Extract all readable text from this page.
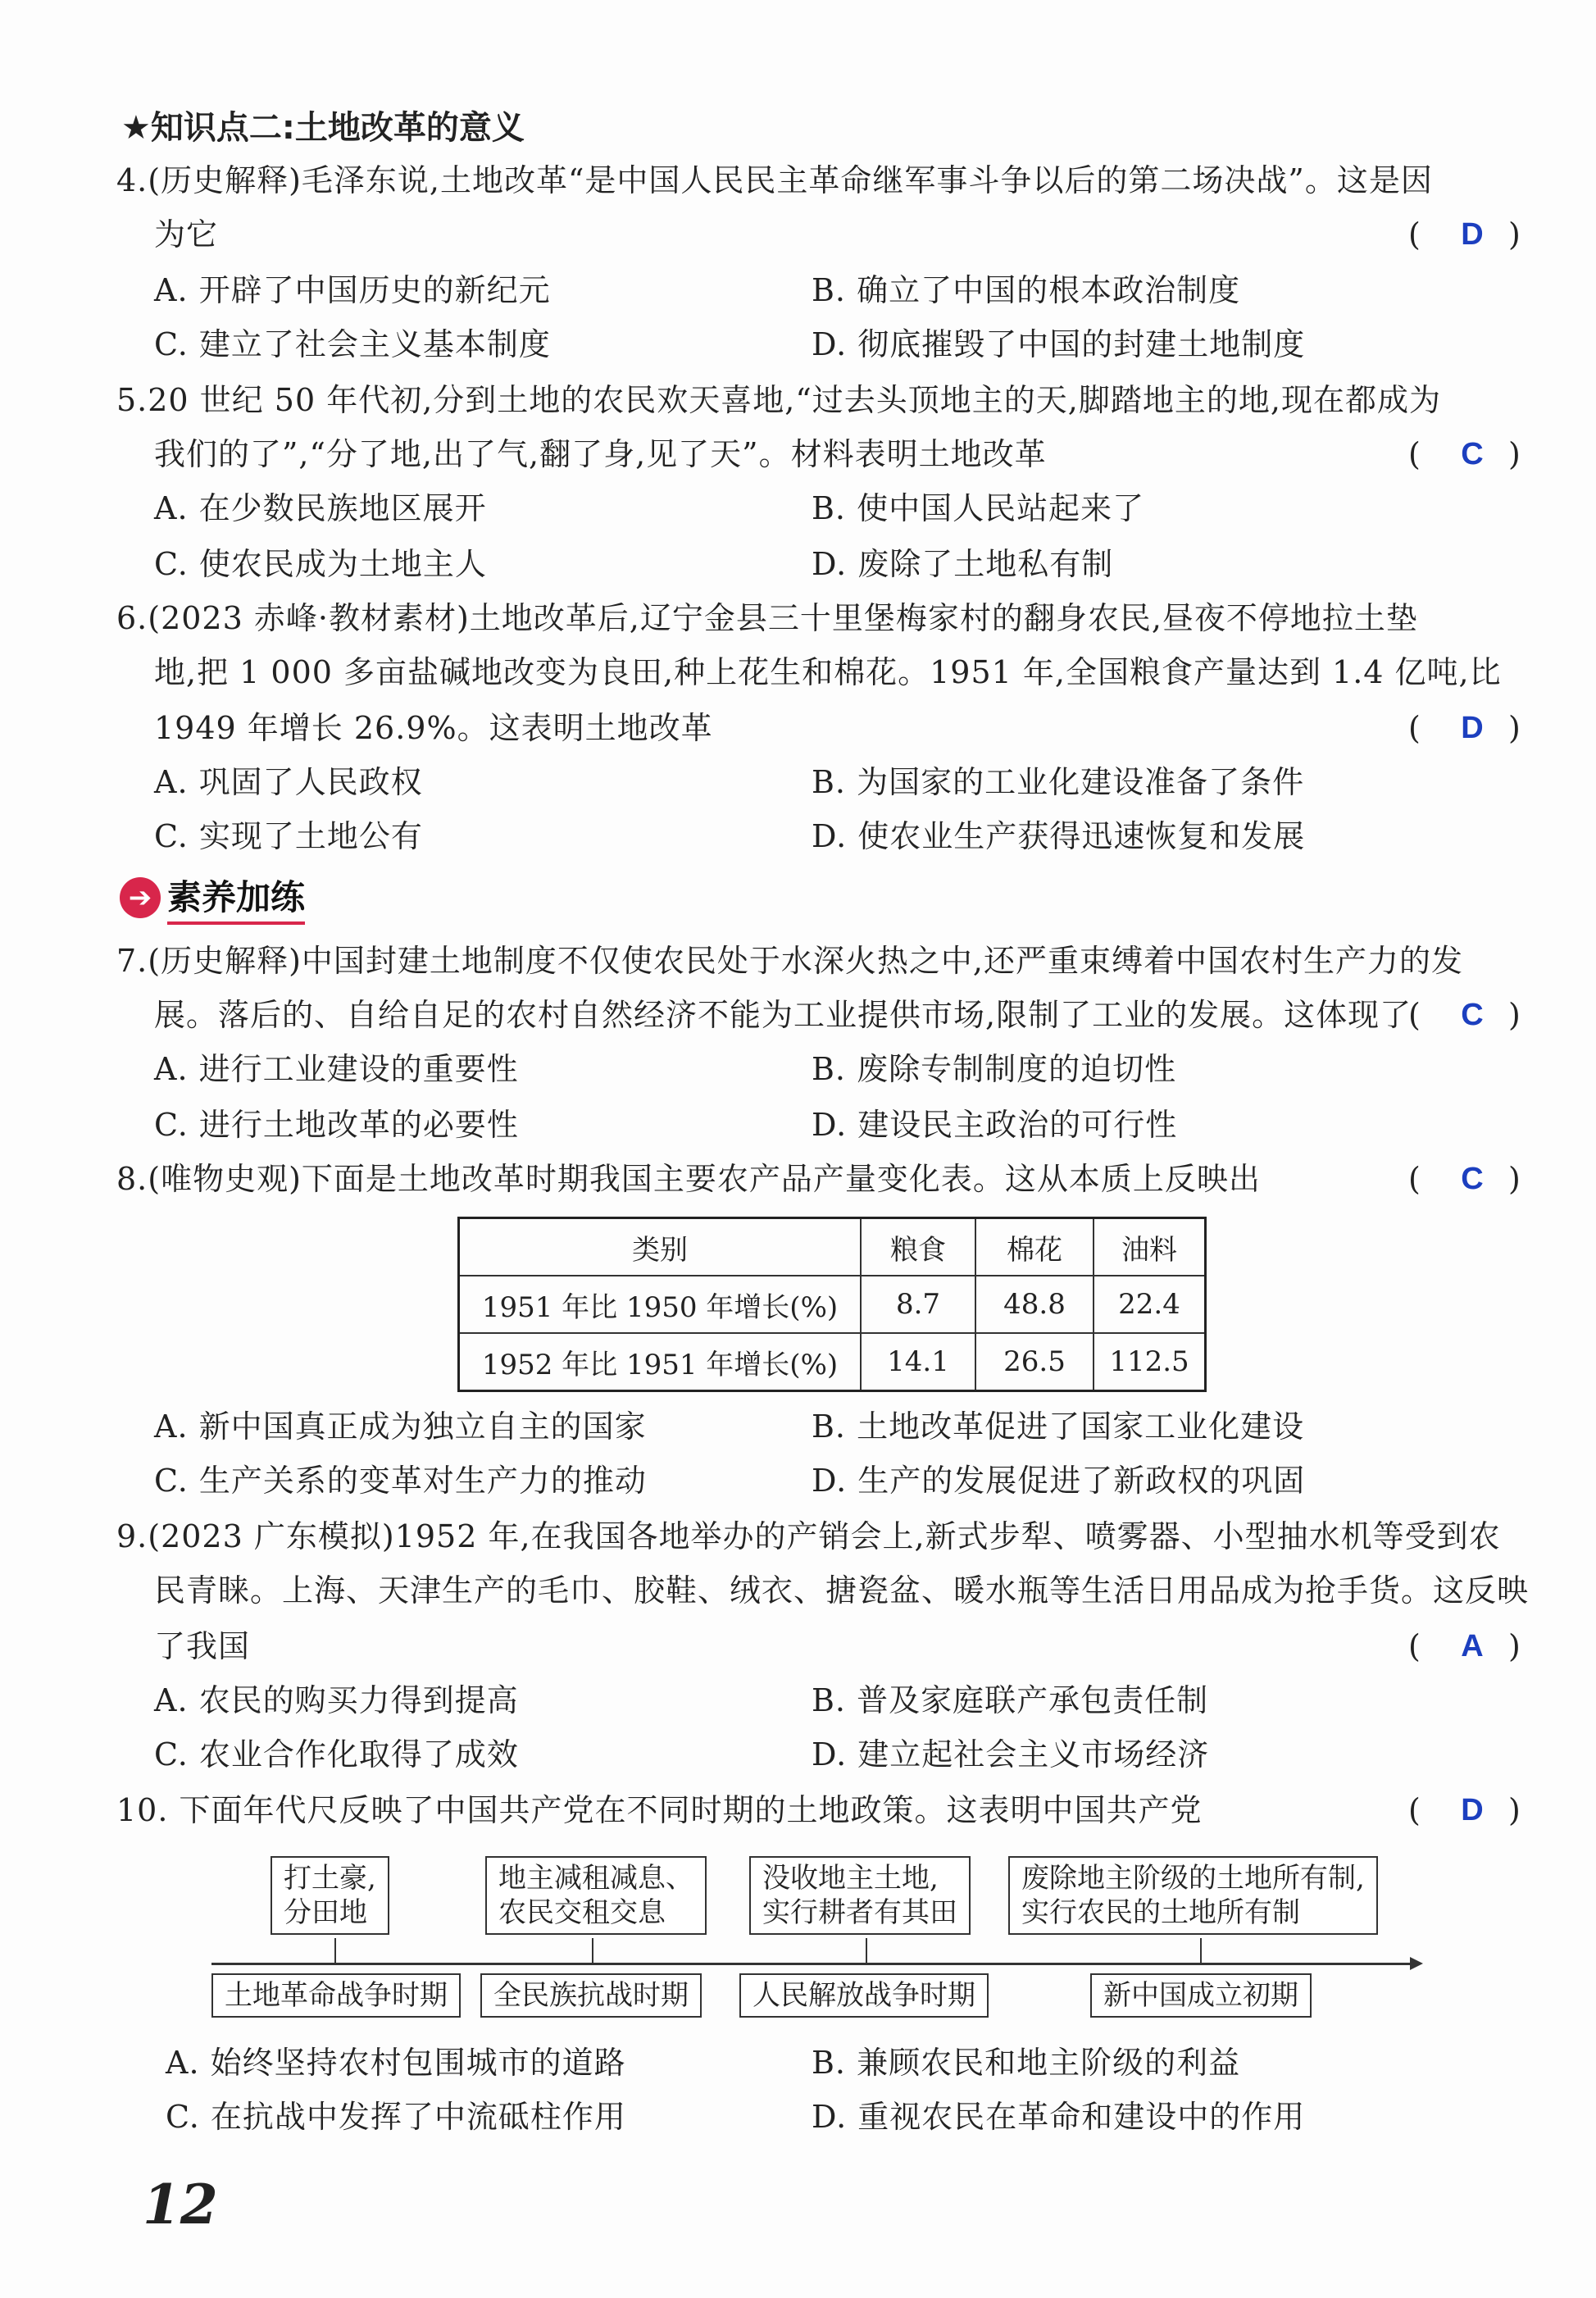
★知识点二:土地改革的意义
4.(历史解释)毛泽东说,土地改革“是中国人民民主革命继军事斗争以后的第二场决战”。这是因
为它	(	D )
A. 开辟了中国历史的新纪元	B. 确立了中国的根本政治制度
C. 建立了社会主义基本制度	D. 彻底摧毁了中国的封建土地制度
5.20 世纪 50 年代初,分到土地的农民欢天喜地,“过去头顶地主的天,脚踏地主的地,现在都成为
我们的了”,“分了地,出了气,翻了身,见了天”。材料表明土地改革	(	C )
A. 在少数民族地区展开	B. 使中国人民站起来了
C. 使农民成为土地主人	D. 废除了土地私有制
6.(2023 赤峰·教材素材)土地改革后,辽宁金县三十里堡梅家村的翻身农民,昼夜不停地拉土垫
地,把 1 000 多亩盐碱地改变为良田,种上花生和棉花。1951 年,全国粮食产量达到 1.4 亿吨,比
1949 年增长 26.9%。这表明土地改革	(	D )
A. 巩固了人民政权	B. 为国家的工业化建设准备了条件
C. 实现了土地公有	D. 使农业生产获得迅速恢复和发展
➔ 素养加练
7.(历史解释)中国封建土地制度不仅使农民处于水深火热之中,还严重束缚着中国农村生产力的发
展。落后的、自给自足的农村自然经济不能为工业提供市场,限制了工业的发展。这体现了
(	C )
A. 进行工业建设的重要性	B. 废除专制制度的迫切性
C. 进行土地改革的必要性	D. 建设民主政治的可行性
8.(唯物史观)下面是土地改革时期我国主要农产品产量变化表。这从本质上反映出	(	C )
类别	粮食	棉花	油料
1951 年比 1950 年增长(%)	8.7	48.8	22.4
1952 年比 1951 年增长(%)	14.1	26.5	112.5
A. 新中国真正成为独立自主的国家	B. 土地改革促进了国家工业化建设
C. 生产关系的变革对生产力的推动	D. 生产的发展促进了新政权的巩固
9.(2023 广东模拟)1952 年,在我国各地举办的产销会上,新式步犁、喷雾器、小型抽水机等受到农
民青睐。上海、天津生产的毛巾、胶鞋、绒衣、搪瓷盆、暖水瓶等生活日用品成为抢手货。这反映
了我国	(	A )
A. 农民的购买力得到提高	B. 普及家庭联产承包责任制
C. 农业合作化取得了成效	D. 建立起社会主义市场经济
10. 下面年代尺反映了中国共产党在不同时期的土地政策。这表明中国共产党	(	D )
打土豪,
分田地
地主减租减息、
农民交租交息
没收地主土地,
实行耕者有其田
废除地主阶级的土地所有制,
实行农民的土地所有制
土地革命战争时期	全民族抗战时期	人民解放战争时期	新中国成立初期
A. 始终坚持农村包围城市的道路	B. 兼顾农民和地主阶级的利益
C. 在抗战中发挥了中流砥柱作用	D. 重视农民在革命和建设中的作用
12
